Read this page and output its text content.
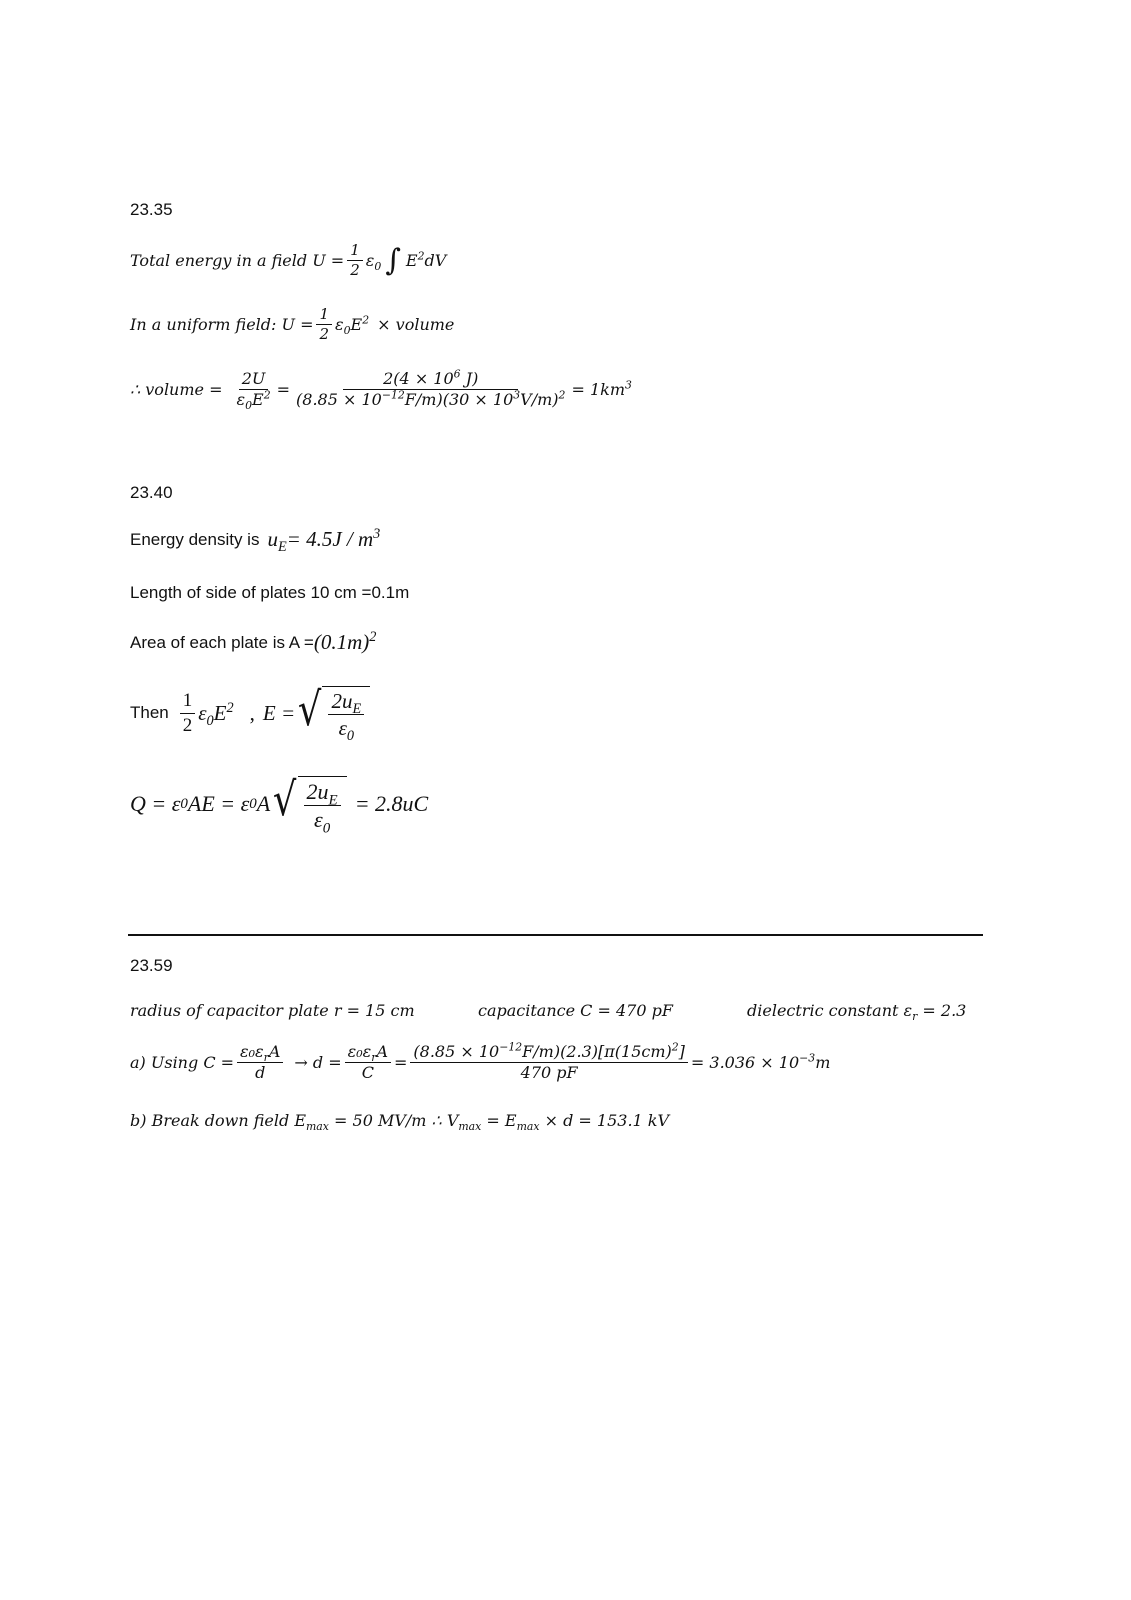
23.35
Total energy in a field $U = \frac{1}{2} \varepsilon_0$ ∫ $E^2$ dV
In a uniform field: $U = \frac{1}{2} \varepsilon_0$ $E^2$ × volume
∴ volume = $\frac{2U}{\varepsilon_0E^2} = \frac{2(4 \times 10^6 J)}{(8.85 \times 10^{-12}F/m)(30 \times 10^3V/m)^2} = 1km^3$
23.40
Energy density is $u_E = 4.5J / m^3$
Length of side of plates 10 cm =0.1m
Area of each plate is $A = (0.1m)^2$
Then $\frac{1}{2} \varepsilon_0E^2$ , E = √ $\frac{2u_E}{\varepsilon_0}$
Q = ε 0 AE = ε 0 A √ $\frac{2u_E}{\varepsilon_0} = 2.8uC$
23.59
radius of capacitor plate r = 15 cm	capacitance C = 470 pF	dielectric constant $\varepsilon_r = 2.3$
a) Using $C = \frac{\varepsilon_0\varepsilon_rA}{d} \to d = \frac{\varepsilon_0\varepsilon_rA}{C} = \frac{(8.85 \times 10^{-12}F/m)(2.3)[\pi(15cm)^2]}{470 pF} = 3.036 \times 10^{-3}m$
b) Break down field $E_{max} = 50$ MV/m ∴ $V_{max} = E_{max} \times d = 153.1$ kV
